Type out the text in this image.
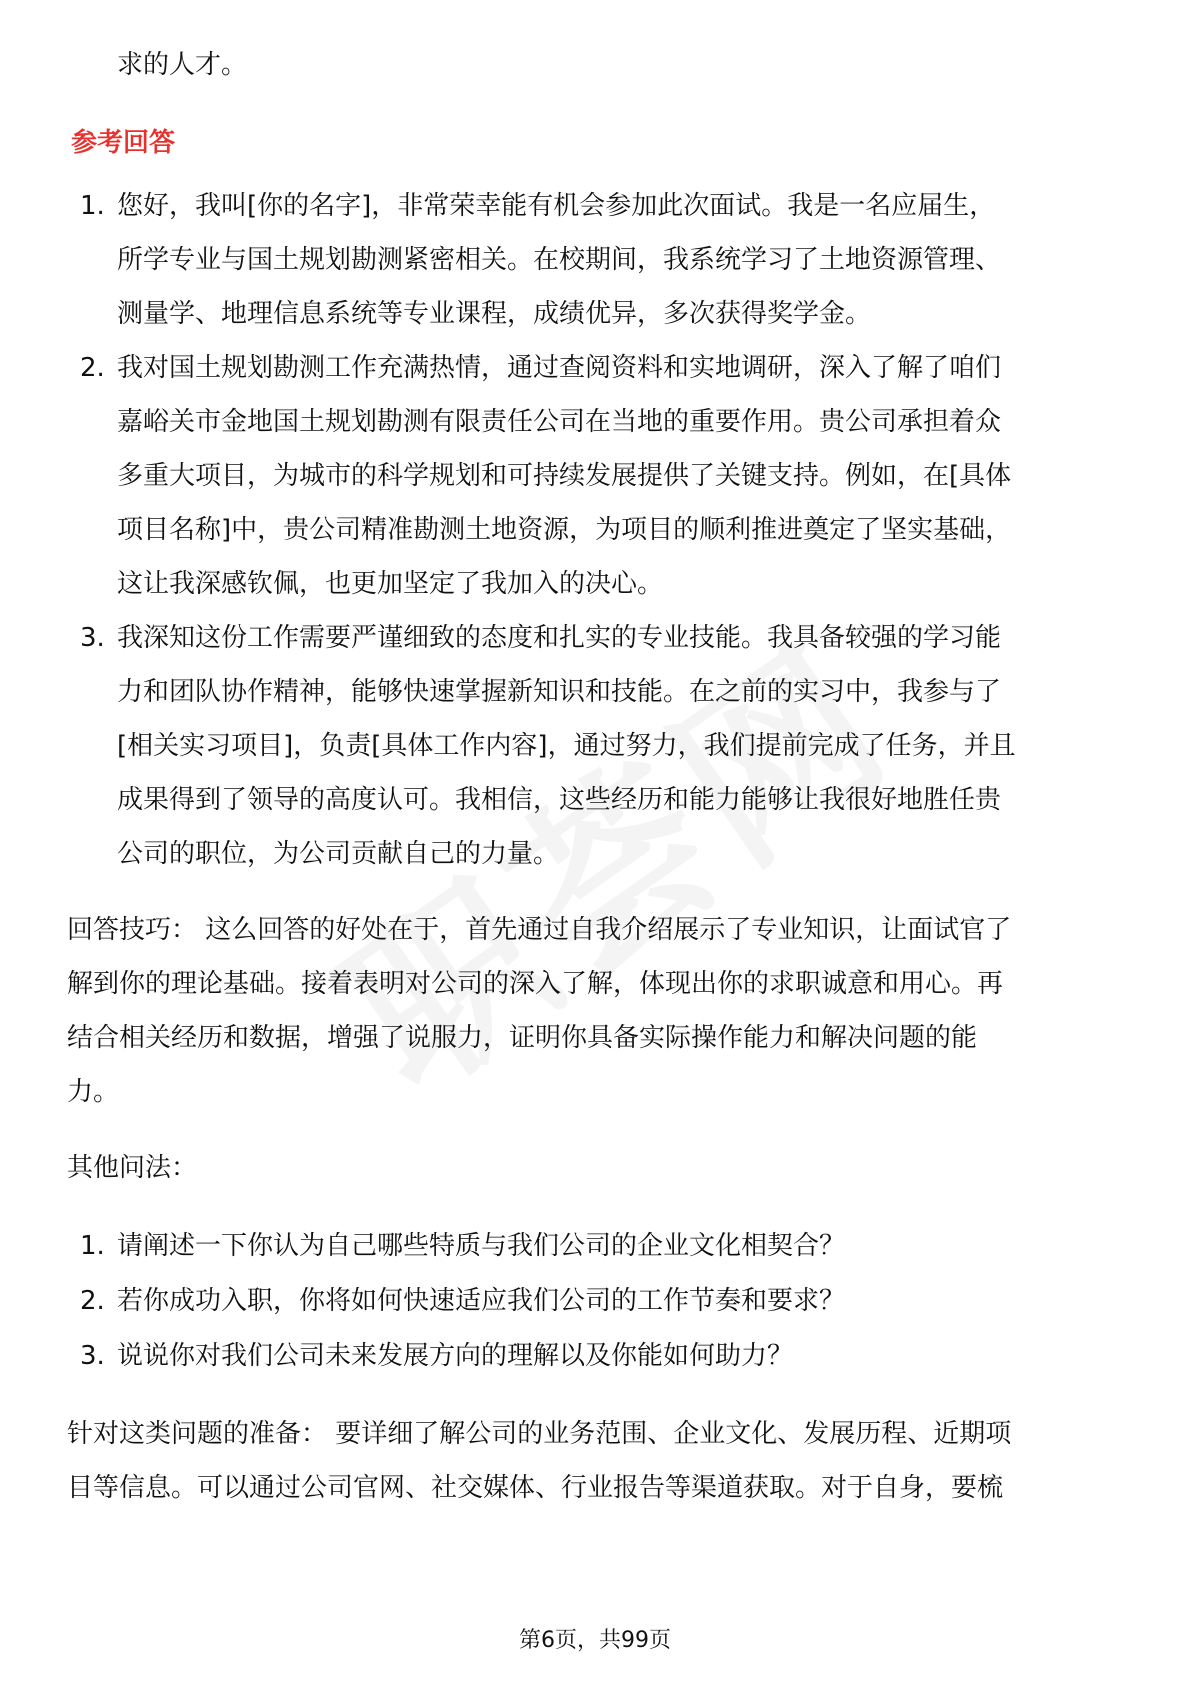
求的人才。
参考回答
1. 您好，我叫[你的名字]，非常荣幸能有机会参加此次面试。我是一名应届生，
所学专业与国土规划勘测紧密相关。在校期间，我系统学习了土地资源管理、
测量学、地理信息系统等专业课程，成绩优异，多次获得奖学金。
2. 我对国土规划勘测工作充满热情，通过查阅资料和实地调研，深入了解了咱们
嘉峪关市金地国土规划勘测有限责任公司在当地的重要作用。贵公司承担着众
多重大项目，为城市的科学规划和可持续发展提供了关键支持。例如，在[具体
项目名称]中，贵公司精准勘测土地资源，为项目的顺利推进奠定了坚实基础，
这让我深感钦佩，也更加坚定了我加入的决心。
3. 我深知这份工作需要严谨细致的态度和扎实的专业技能。我具备较强的学习能
力和团队协作精神，能够快速掌握新知识和技能。在之前的实习中，我参与了
[相关实习项目]，负责[具体工作内容]，通过努力，我们提前完成了任务，并且
成果得到了领导的高度认可。我相信，这些经历和能力能够让我很好地胜任贵
公司的职位，为公司贡献自己的力量。
回答技巧： 这么回答的好处在于，首先通过自我介绍展示了专业知识，让面试官了
解到你的理论基础。接着表明对公司的深入了解，体现出你的求职诚意和用心。再
结合相关经历和数据，增强了说服力，证明你具备实际操作能力和解决问题的能
力。
其他问法：
1. 请阐述一下你认为自己哪些特质与我们公司的企业文化相契合？
2. 若你成功入职，你将如何快速适应我们公司的工作节奏和要求？
3. 说说你对我们公司未来发展方向的理解以及你能如何助力？
针对这类问题的准备： 要详细了解公司的业务范围、企业文化、发展历程、近期项
目等信息。可以通过公司官网、社交媒体、行业报告等渠道获取。对于自身，要梳
第6页，共99页
